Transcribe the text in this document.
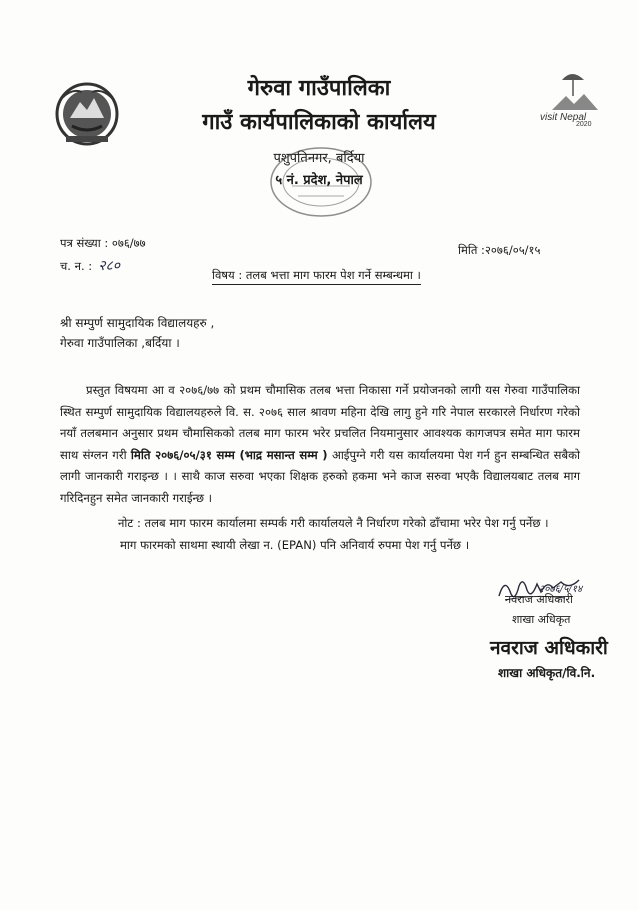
visit Nepal
2020
गेरुवा गाउँपालिका
गाउँ कार्यपालिकाको कार्यालय
पशुपतिनगर, बर्दिया
५ नं. प्रदेश, नेपाल
पत्र संख्या : ०७६/७७
च. न. : २८०
मिति :२०७६/०५/१५
विषय : तलब भत्ता माग फारम पेश गर्ने सम्बन्धमा ।
श्री सम्पुर्ण सामुदायिक विद्यालयहरु ,
गेरुवा गाउँपालिका ,बर्दिया ।
प्रस्तुत विषयमा आ व २०७६/७७ को प्रथम चौमासिक तलब भत्ता निकासा गर्ने प्रयोजनको लागी यस गेरुवा गाउँपालिका स्थित सम्पुर्ण सामुदायिक विद्यालयहरुले वि. स. २०७६ साल श्रावण महिना देखि लागु हुने गरि नेपाल सरकारले निर्धारण गरेको नयाँ तलबमान अनुसार प्रथम चौमासिकको तलब माग फारम भरेर प्रचलित नियमानुसार आवश्यक कागजपत्र समेत माग फारम साथ संग्लन गरी मिति २०७६/०५/३१ सम्म (भाद्र मसान्त सम्म ) आईपुग्ने गरी यस कार्यालयमा पेश गर्न हुन सम्बन्धित सबैको लागी जानकारी गराइन्छ । । साथै काज सरुवा भएका शिक्षक हरुको हकमा भने काज सरुवा भएकै विद्यालयबाट तलब माग गरिदिनहुन समेत जानकारी गराईन्छ ।
नोट : तलब माग फारम कार्यालमा सम्पर्क गरी कार्यालयले नै निर्धारण गरेको ढाँचामा भरेर पेश गर्नु पर्नेछ ।
माग फारमको साथमा स्थायी लेखा न. (EPAN) पनि अनिवार्य रुपमा पेश गर्नु पर्नेछ ।
२०७६/५/१४
नवराज अधिकारी
शाखा अधिकृत
नवराज अधिकारी
शाखा अधिकृत/वि.नि.
